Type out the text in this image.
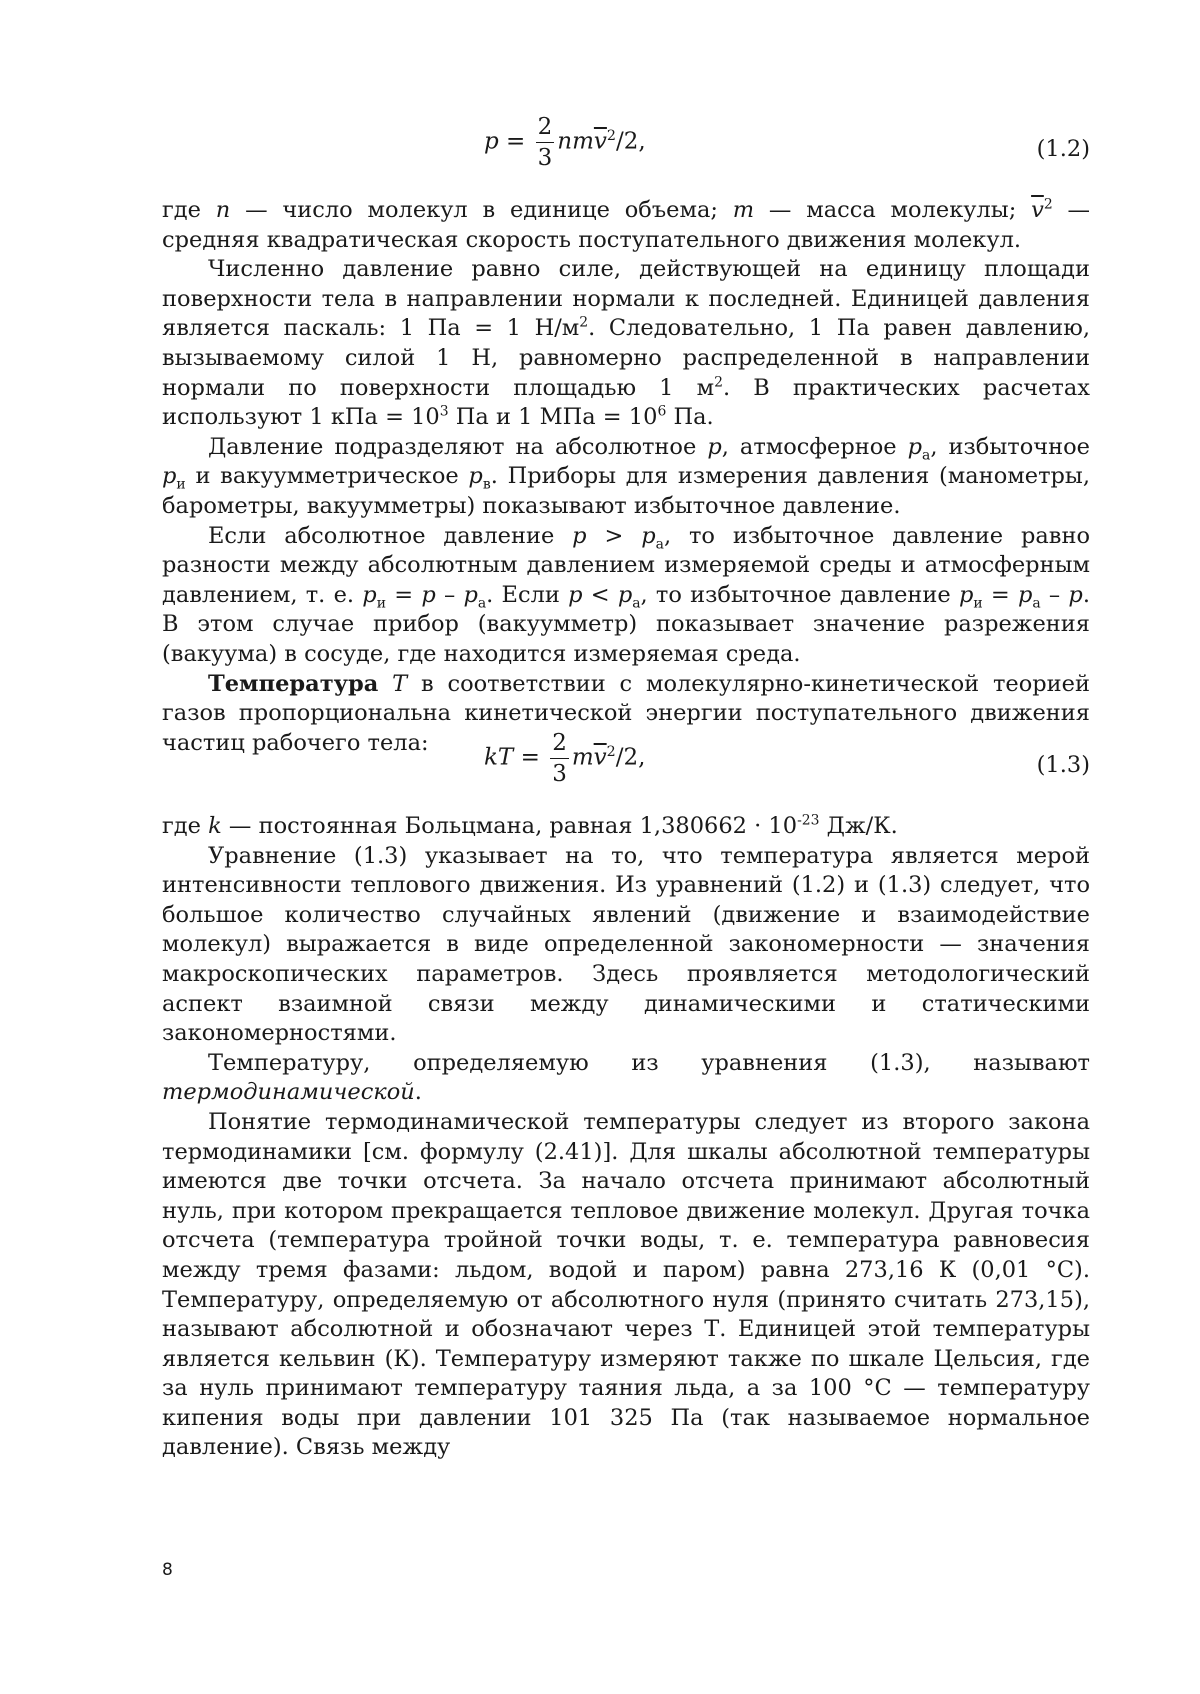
$p = \frac{2}{3} nm\overline{v}^2/2$,	(1.2)

где n — число молекул в единице объема; m — масса молекулы; $\overline{v}^2$ — средняя квадратическая скорость поступательного движения молекул.

Численно давление равно силе, действующей на единицу площади поверхности тела в направлении нормали к последней. Единицей давления является паскаль: 1 Па = 1 $Н/м^2$. Следовательно, 1 Па равен давлению, вызываемому силой 1 Н, равномерно распределенной в направлении нормали по поверхности площадью 1 $м^2$. В практических расчетах используют 1 кПа = $10^3$ Па и 1 МПа = $10^6$ Па.

Давление подразделяют на абсолютное p, атмосферное $p_а$, избыточное $p_и$ и вакуумметрическое $p_в$. Приборы для измерения давления (манометры, барометры, вакуумметры) показывают избыточное давление.

Если абсолютное давление $p > p_а$, то избыточное давление равно разности между абсолютным давлением измеряемой среды и атмосферным давлением, т. е. $p_и = p - p_а$. Если $p < p_а$, то избыточное давление $p_и = p_а - p$. В этом случае прибор (вакуумметр) показывает значение разрежения (вакуума) в сосуде, где находится измеряемая среда.

Температура T в соответствии с молекулярно-кинетической теорией газов пропорциональна кинетической энергии поступательного движения частиц рабочего тела:

kT = $\frac{2}{3} m\overline{v}^2/2$,	(1.3)

где k — постоянная Больцмана, равная $1,380662 \cdot 10^{-23}$ Дж/К.

Уравнение (1.3) указывает на то, что температура является мерой интенсивности теплового движения. Из уравнений (1.2) и (1.3) следует, что большое количество случайных явлений (движение и взаимодействие молекул) выражается в виде определенной закономерности — значения макроскопических параметров. Здесь проявляется методологический аспект взаимной связи между динамическими и статическими закономерностями.

Температуру, определяемую из уравнения (1.3), называют термодинамической.

Понятие термодинамической температуры следует из второго закона термодинамики [см. формулу (2.41)]. Для шкалы абсолютной температуры имеются две точки отсчета. За начало отсчета принимают абсолютный нуль, при котором прекращается тепловое движение молекул. Другая точка отсчета (температура тройной точки воды, т. е. температура равновесия между тремя фазами: льдом, водой и паром) равна 273,16 К (0,01 °С). Температуру, определяемую от абсолютного нуля (принято считать 273,15), называют абсолютной и обозначают через Т. Единицей этой температуры является кельвин (К). Температуру измеряют также по шкале Цельсия, где за нуль принимают температуру таяния льда, а за 100 °С — температуру кипения воды при давлении 101 325 Па (так называемое нормальное давление). Связь между

8
